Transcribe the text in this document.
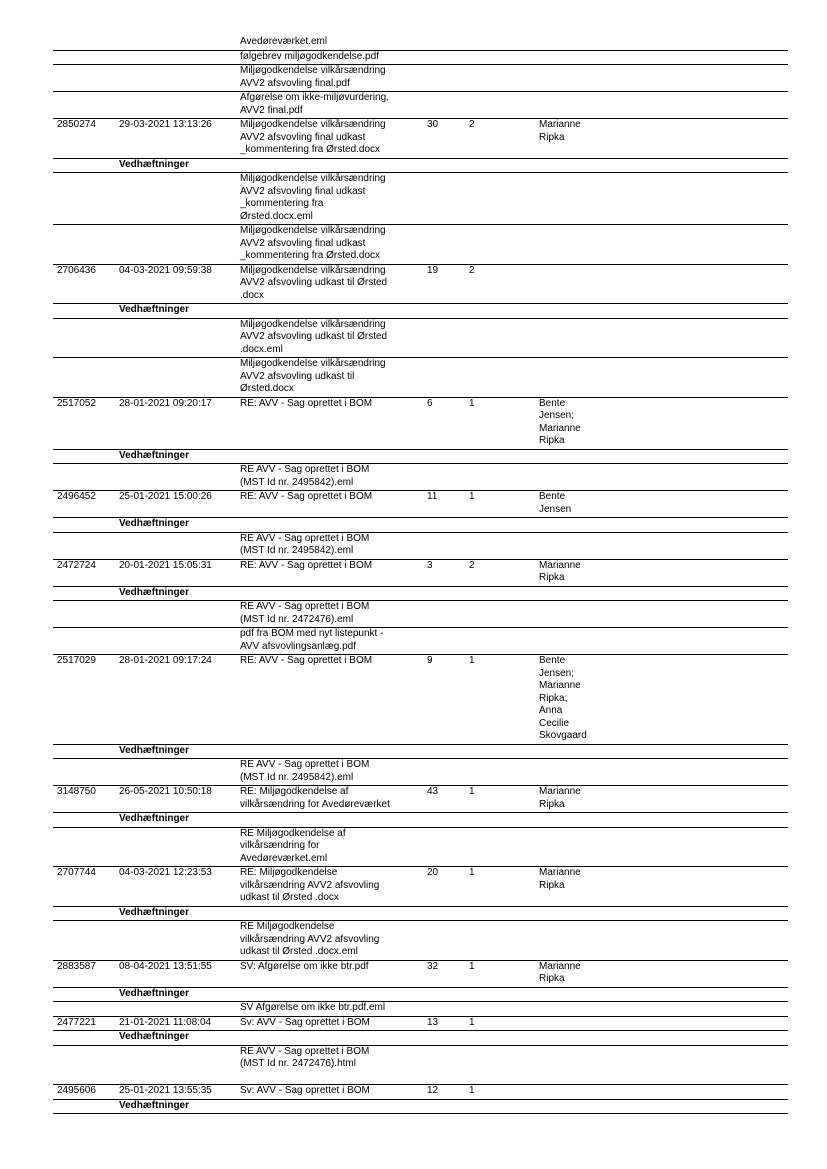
Avedøreværket.eml
følgebrev miljøgodkendelse.pdf
Miljøgodkendelse vilkårsændring
AVV2 afsvovling final.pdf
Afgørelse om ikke-miljøvurdering,
AVV2 final.pdf
2850274 29-03-2021 13:13:26	Miljøgodkendelse vilkårsændring
AVV2 afsvovling final udkast
_kommentering fra Ørsted.docx
30	2	Marianne
Ripka
Vedhæftninger
Miljøgodkendelse vilkårsændring
AVV2 afsvovling final udkast
_kommentering fra
Ørsted.docx.eml
Miljøgodkendelse vilkårsændring
AVV2 afsvovling final udkast
_kommentering fra Ørsted.docx
2706436 04-03-2021 09:59:38	Miljøgodkendelse vilkårsændring
AVV2 afsvovling udkast til Ørsted
.docx
19	2
Vedhæftninger
Miljøgodkendelse vilkårsændring
AVV2 afsvovling udkast til Ørsted
.docx.eml
Miljøgodkendelse vilkårsændring
AVV2 afsvovling udkast til
Ørsted.docx
2517052 28-01-2021 09:20:17	RE: AVV - Sag oprettet i BOM	6	1	Bente
Jensen;
Marianne
Ripka
Vedhæftninger
RE AVV - Sag oprettet i BOM
(MST Id nr. 2495842).eml
2496452 25-01-2021 15:00:26	RE: AVV - Sag oprettet i BOM	11	1	Bente
Jensen
Vedhæftninger
RE AVV - Sag oprettet i BOM
(MST Id nr. 2495842).eml
2472724 20-01-2021 15:05:31	RE: AVV - Sag oprettet i BOM	3	2	Marianne
Ripka
Vedhæftninger
RE AVV - Sag oprettet i BOM
(MST Id nr. 2472476).eml
pdf fra BOM med nyt listepunkt -
AVV afsvovlingsanlæg.pdf
2517029 28-01-2021 09:17:24	RE: AVV - Sag oprettet i BOM	9	1	Bente
Jensen;
Marianne
Ripka;
Anna
Cecilie
Skovgaard
Vedhæftninger
RE AVV - Sag oprettet i BOM
(MST Id nr. 2495842).eml
3148750 26-05-2021 10:50:18	RE: Miljøgodkendelse af
vilkårsændring for Avedøreværket
43	1	Marianne
Ripka
Vedhæftninger
RE Miljøgodkendelse af
vilkårsændring for
Avedøreværket.eml
2707744 04-03-2021 12:23:53	RE: Miljøgodkendelse
vilkårsændring AVV2 afsvovling
udkast til Ørsted .docx
20	1	Marianne
Ripka
Vedhæftninger
RE Miljøgodkendelse
vilkårsændring AVV2 afsvovling
udkast til Ørsted .docx.eml
2883587 08-04-2021 13:51:55	SV: Afgørelse om ikke btr.pdf	32	1	Marianne
Ripka
Vedhæftninger
SV Afgørelse om ikke btr.pdf.eml
2477221 21-01-2021 11:08:04	Sv: AVV - Sag oprettet i BOM	13	1
Vedhæftninger
RE AVV - Sag oprettet i BOM
(MST Id nr. 2472476).html

2495606 25-01-2021 13:55:35	Sv: AVV - Sag oprettet i BOM	12	1
Vedhæftninger
